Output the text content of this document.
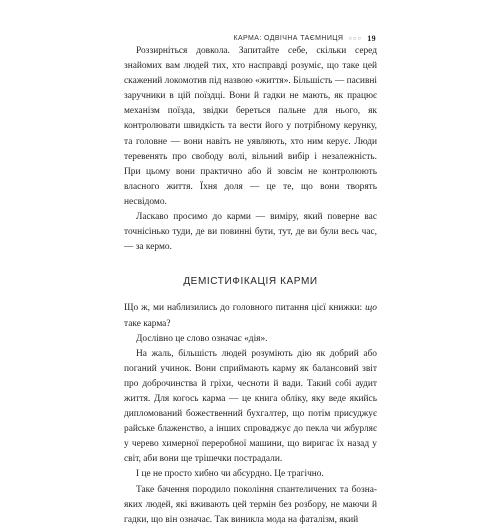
КАРМА: ОДВІЧНА ТАЄМНИЦЯ ○○○ 19

Роззирніться довкола. Запитайте себе, скільки серед знайомих вам людей тих, хто насправді розуміє, що таке цей скажений локомотив під назвою «життя». Більшість — пасивні заручники в цій поїздці. Вони й гадки не мають, як працює механізм поїзда, звідки береться пальне для нього, як контролювати швидкість та вести його у потрібному керунку, та головне — вони навіть не уявляють, хто ним керує. Люди теревенять про свободу волі, вільний вибір і незалежність. При цьому вони практично або й зовсім не контролюють власного життя. Їхня доля — це те, що вони творять несвідомо.

Ласкаво просимо до карми — виміру, який поверне вас точнісінько туди, де ви повинні бути, тут, де ви були весь час, — за кермо.

ДЕМІСТИФІКАЦІЯ КАРМИ

Що ж, ми наблизились до головного питання цієї книжки: що таке карма?

Дослівно це слово означає «дія».

На жаль, більшість людей розуміють дію як добрий або поганий учинок. Вони сприймають карму як балансовий звіт про доброчинства й гріхи, чесноти й вади. Такий собі аудит життя. Для когось карма — це книга обліку, яку веде якийсь дипломований божественний бухгалтер, що потім присуджує райське блаженство, а інших спроваджує до пекла чи жбурляє у черево химерної переробної машини, що виригає їх назад у світ, аби вони ще трішечки пострадали.

І це не просто хибно чи абсурдно. Це трагічно.

Таке бачення породило покоління спантеличених та бозна-яких людей, які вживають цей термін без розбору, не маючи й гадки, що він означає. Так виникла мода на фаталізм, який
